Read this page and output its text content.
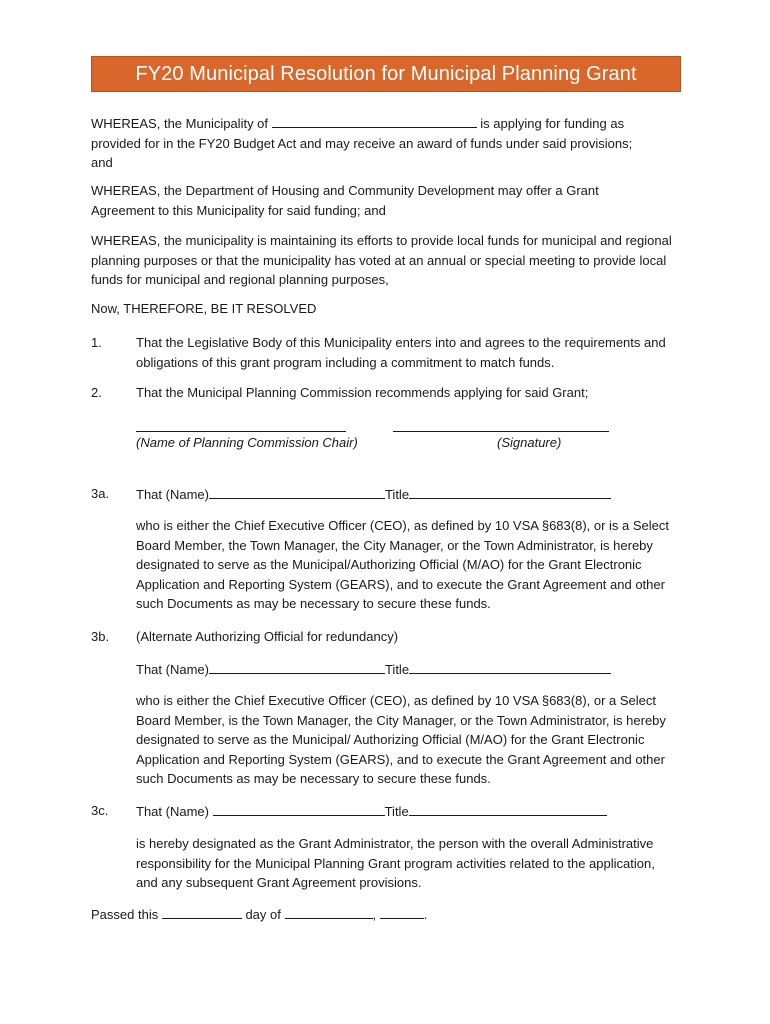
FY20 Municipal Resolution for Municipal Planning Grant

WHEREAS, the Municipality of	is applying for funding as
provided for in the FY20 Budget Act and may receive an award of funds under said provisions;
and

WHEREAS, the Department of Housing and Community Development may offer a Grant Agreement to this Municipality for said funding; and

WHEREAS, the municipality is maintaining its efforts to provide local funds for municipal and regional planning purposes or that the municipality has voted at an annual or special meeting to provide local funds for municipal and regional planning purposes,

Now, THEREFORE, BE IT RESOLVED

1.	That the Legislative Body of this Municipality enters into and agrees to the requirements and obligations of this grant program including a commitment to match funds.

2.	That the Municipal Planning Commission recommends applying for said Grant;

(Name of Planning Commission Chair)	(Signature)
3a. That (Name)	Title

who is either the Chief Executive Officer (CEO), as defined by 10 VSA §683(8), or is a Select Board Member, the Town Manager, the City Manager, or the Town Administrator, is hereby designated to serve as the Municipal/Authorizing Official (M/AO) for the Grant Electronic Application and Reporting System (GEARS), and to execute the Grant Agreement and other such Documents as may be necessary to secure these funds.

3b. (Alternate Authorizing Official for redundancy)

That (Name)	Title

who is either the Chief Executive Officer (CEO), as defined by 10 VSA §683(8), or a Select Board Member, is the Town Manager, the City Manager, or the Town Administrator, is hereby designated to serve as the Municipal/ Authorizing Official (M/AO) for the Grant Electronic Application and Reporting System (GEARS), and to execute the Grant Agreement and other such Documents as may be necessary to secure these funds.

3c. That (Name)	Title

is hereby designated as the Grant Administrator, the person with the overall Administrative responsibility for the Municipal Planning Grant program activities related to the application, and any subsequent Grant Agreement provisions.

Passed this	day of	,	.
